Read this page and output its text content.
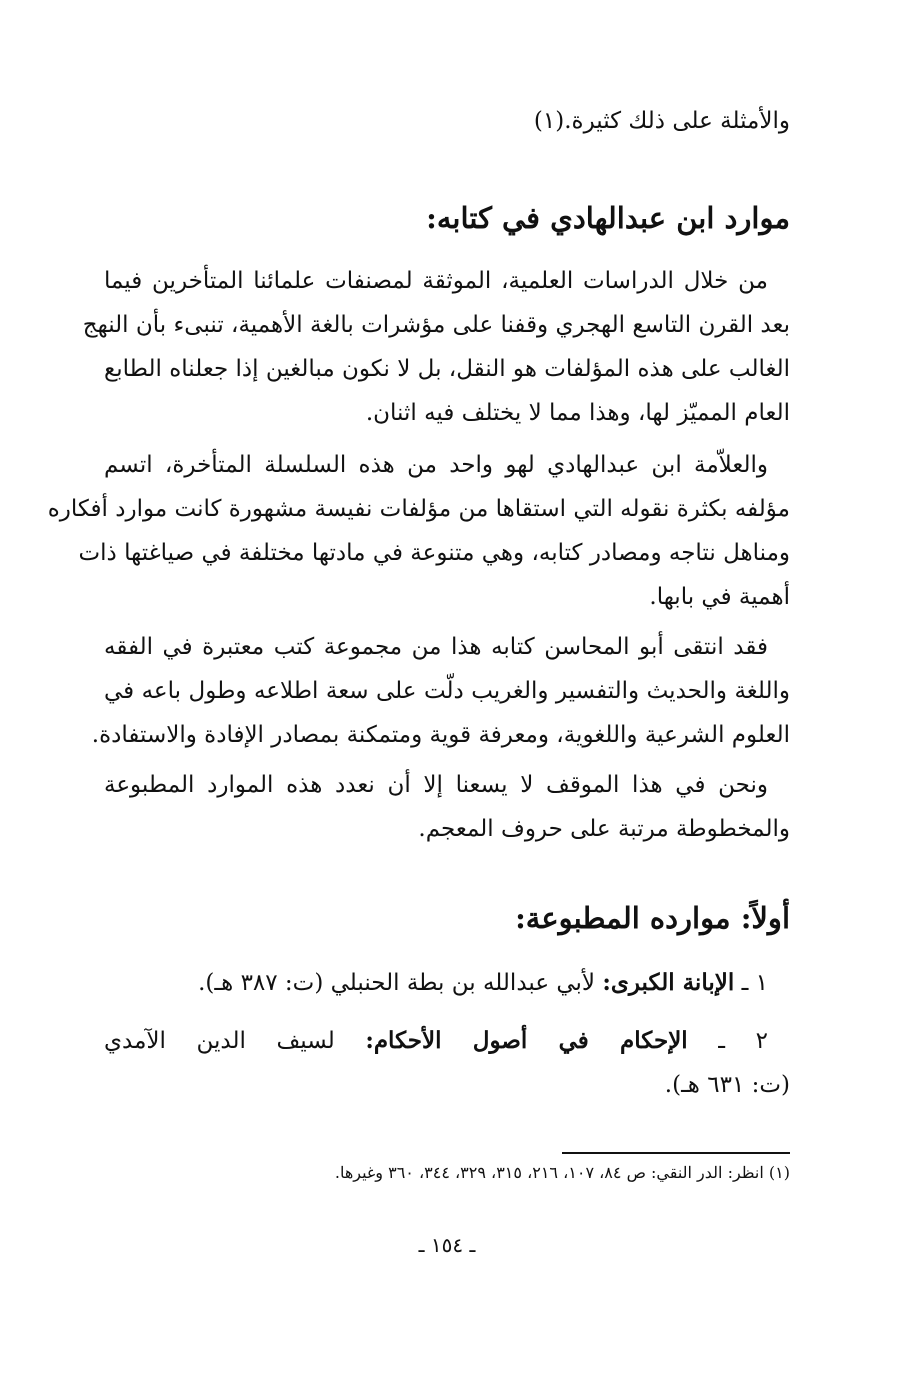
والأمثلة على ذلك كثيرة.(١)
موارد ابن عبدالهادي في كتابه:
من خلال الدراسات العلمية، الموثقة لمصنفات علمائنا المتأخرين فيما
بعد القرن التاسع الهجري وقفنا على مؤشرات بالغة الأهمية، تنبىء بأن النهج
الغالب على هذه المؤلفات هو النقل، بل لا نكون مبالغين إذا جعلناه الطابع
العام المميّز لها، وهذا مما لا يختلف فيه اثنان.
والعلاّمة ابن عبدالهادي لهو واحد من هذه السلسلة المتأخرة، اتسم
مؤلفه بكثرة نقوله التي استقاها من مؤلفات نفيسة مشهورة كانت موارد أفكاره
ومناهل نتاجه ومصادر كتابه، وهي متنوعة في مادتها مختلفة في صياغتها ذات
أهمية في بابها.
فقد انتقى أبو المحاسن كتابه هذا من مجموعة كتب معتبرة في الفقه
واللغة والحديث والتفسير والغريب دلّت على سعة اطلاعه وطول باعه في
العلوم الشرعية واللغوية، ومعرفة قوية ومتمكنة بمصادر الإفادة والاستفادة.
ونحن في هذا الموقف لا يسعنا إلا أن نعدد هذه الموارد المطبوعة
والمخطوطة مرتبة على حروف المعجم.
أولاً: موارده المطبوعة:
١ ـ الإبانة الكبرى: لأبي عبدالله بن بطة الحنبلي (ت: ٣٨٧ هـ).
٢ ـ الإحكام في أصول الأحكام: لسيف الدين الآمدي
(ت: ٦٣١ هـ).
(١) انظر: الدر النقي: ص ٨٤، ١٠٧، ٢١٦، ٣١٥، ٣٢٩، ٣٤٤، ٣٦٠ وغيرها.
ـ ١٥٤ ـ
